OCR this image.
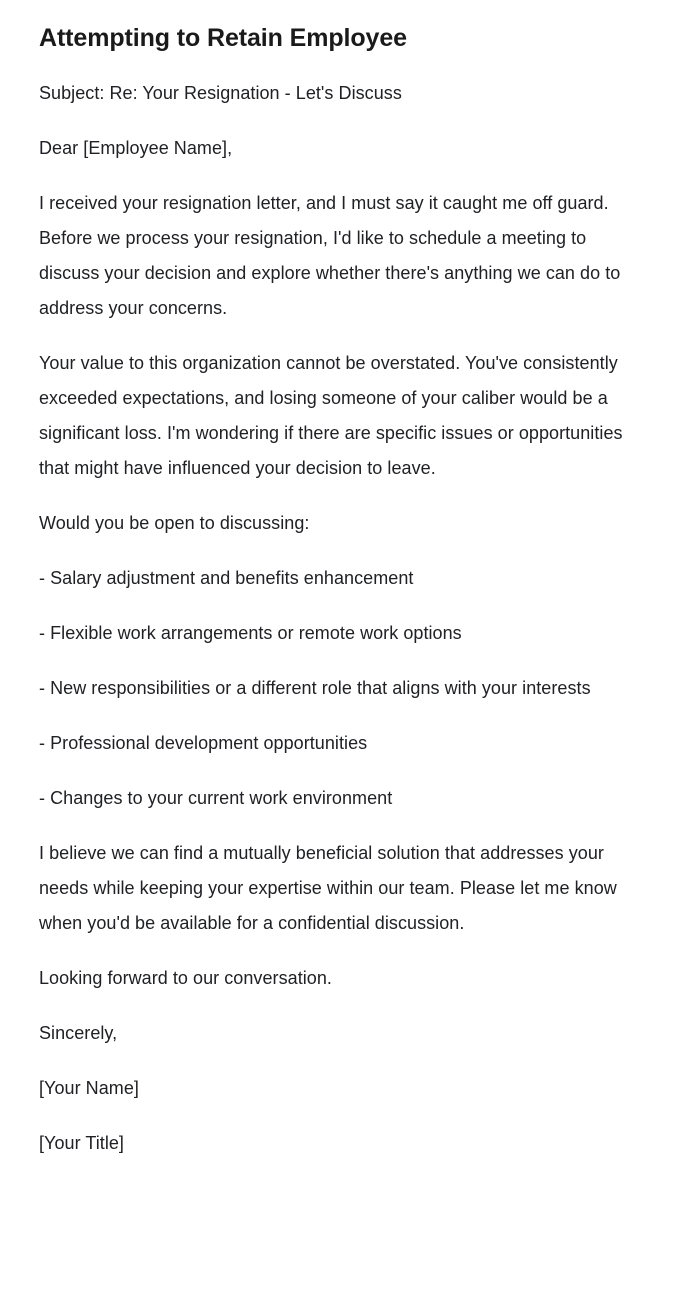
Attempting to Retain Employee

Subject: Re: Your Resignation - Let's Discuss

Dear [Employee Name],

I received your resignation letter, and I must say it caught me off guard. Before we process your resignation, I'd like to schedule a meeting to discuss your decision and explore whether there's anything we can do to address your concerns.

Your value to this organization cannot be overstated. You've consistently exceeded expectations, and losing someone of your caliber would be a significant loss. I'm wondering if there are specific issues or opportunities that might have influenced your decision to leave.

Would you be open to discussing:

- Salary adjustment and benefits enhancement

- Flexible work arrangements or remote work options

- New responsibilities or a different role that aligns with your interests

- Professional development opportunities

- Changes to your current work environment

I believe we can find a mutually beneficial solution that addresses your needs while keeping your expertise within our team. Please let me know when you'd be available for a confidential discussion.

Looking forward to our conversation.

Sincerely,

[Your Name]

[Your Title]
